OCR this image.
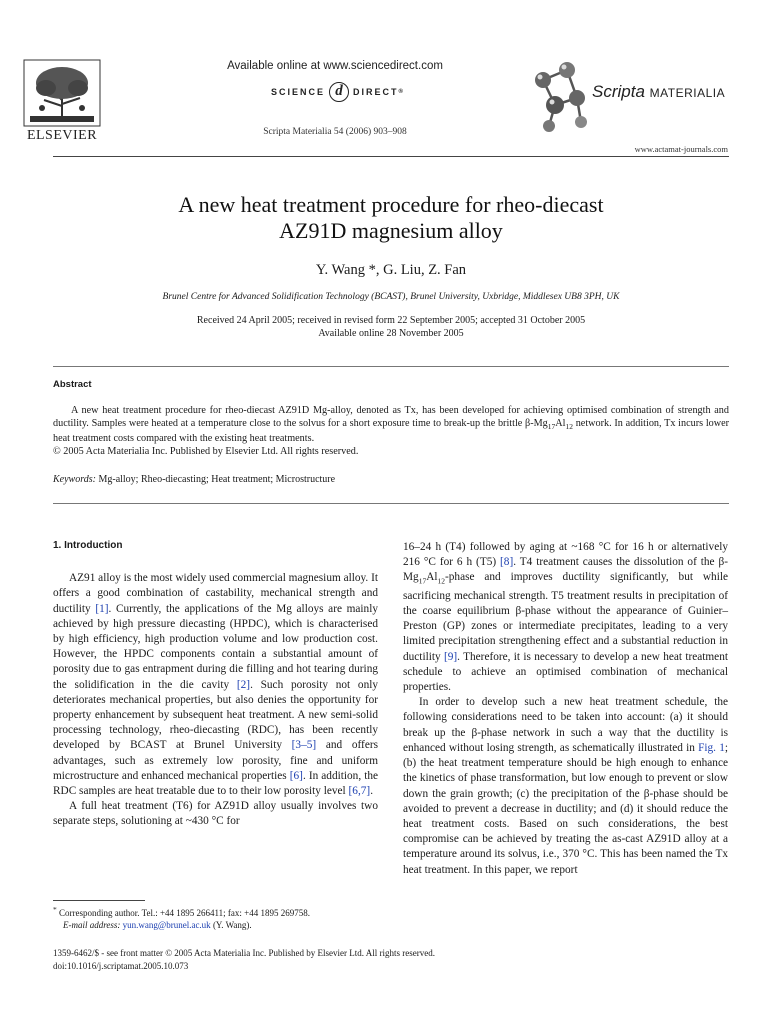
ELSEVIER
Available online at www.sciencedirect.com
SCIENCE d	DIRECT ®
Scripta Materialia 54 (2006) 903–908
Scripta MATERIALIA
www.actamat-journals.com
A new heat treatment procedure for rheo-diecast
AZ91D magnesium alloy
Y. Wang *, G. Liu, Z. Fan
Brunel Centre for Advanced Solidification Technology (BCAST), Brunel University, Uxbridge, Middlesex UB8 3PH, UK
Received 24 April 2005; received in revised form 22 September 2005; accepted 31 October 2005
Available online 28 November 2005
Abstract

A new heat treatment procedure for rheo-diecast AZ91D Mg-alloy, denoted as Tx, has been developed for achieving optimised combination of strength and ductility. Samples were heated at a temperature close to the solvus for a short exposure time to break-up the brittle $\beta-Mg_{17}Al_{12}$ network. In addition, Tx incurs lower heat treatment costs compared with the existing heat treatments.

© 2005 Acta Materialia Inc. Published by Elsevier Ltd. All rights reserved.

Keywords: Mg-alloy; Rheo-diecasting; Heat treatment; Microstructure
1. Introduction

AZ91 alloy is the most widely used commercial magnesium alloy. It offers a good combination of castability, mechanical strength and ductility [1]. Currently, the applications of the Mg alloys are mainly achieved by high pressure diecasting (HPDC), which is characterised by high efficiency, high production volume and low production cost. However, the HPDC components contain a substantial amount of porosity due to gas entrapment during die filling and hot tearing during the solidification in the die cavity [2]. Such porosity not only deteriorates mechanical properties, but also denies the opportunity for property enhancement by subsequent heat treatment. A new semi-solid processing technology, rheo-diecasting (RDC), has been recently developed by BCAST at Brunel University [3–5] and offers advantages, such as extremely low porosity, fine and uniform microstructure and enhanced mechanical properties [6]. In addition, the RDC samples are heat treatable due to to their low porosity level [6,7].

A full heat treatment (T6) for AZ91D alloy usually involves two separate steps, solutioning at ~430 °C for

16–24 h (T4) followed by aging at ~168 °C for 16 h or alternatively 216 °C for 6 h (T5) [8]. T4 treatment causes the dissolution of the $\beta-Mg_{17}Al_{12}$-phase and improves ductility significantly, but while sacrificing mechanical strength. T5 treatment results in precipitation of the coarse equilibrium β-phase without the appearance of Guinier–Preston (GP) zones or intermediate precipitates, leading to a very limited precipitation strengthening effect and a substantial reduction in ductility [9]. Therefore, it is necessary to develop a new heat treatment schedule to achieve an optimised combination of mechanical properties.

In order to develop such a new heat treatment schedule, the following considerations need to be taken into account: (a) it should break up the β-phase network in such a way that the ductility is enhanced without losing strength, as schematically illustrated in Fig. 1; (b) the heat treatment temperature should be high enough to enhance the kinetics of phase transformation, but low enough to prevent or slow down the grain growth; (c) the precipitation of the β-phase should be avoided to prevent a decrease in ductility; and (d) it should reduce the heat treatment costs. Based on such considerations, the best compromise can be achieved by treating the as-cast AZ91D alloy at a temperature around its solvus, i.e., 370 °C. This has been named the Tx heat treatment. In this paper, we report

* Corresponding author. Tel.: +44 1895 266411; fax: +44 1895 269758.
E-mail address: yun.wang@brunel.ac.uk (Y. Wang).
1359-6462/$ - see front matter © 2005 Acta Materialia Inc. Published by Elsevier Ltd. All rights reserved.
doi:10.1016/j.scriptamat.2005.10.073
